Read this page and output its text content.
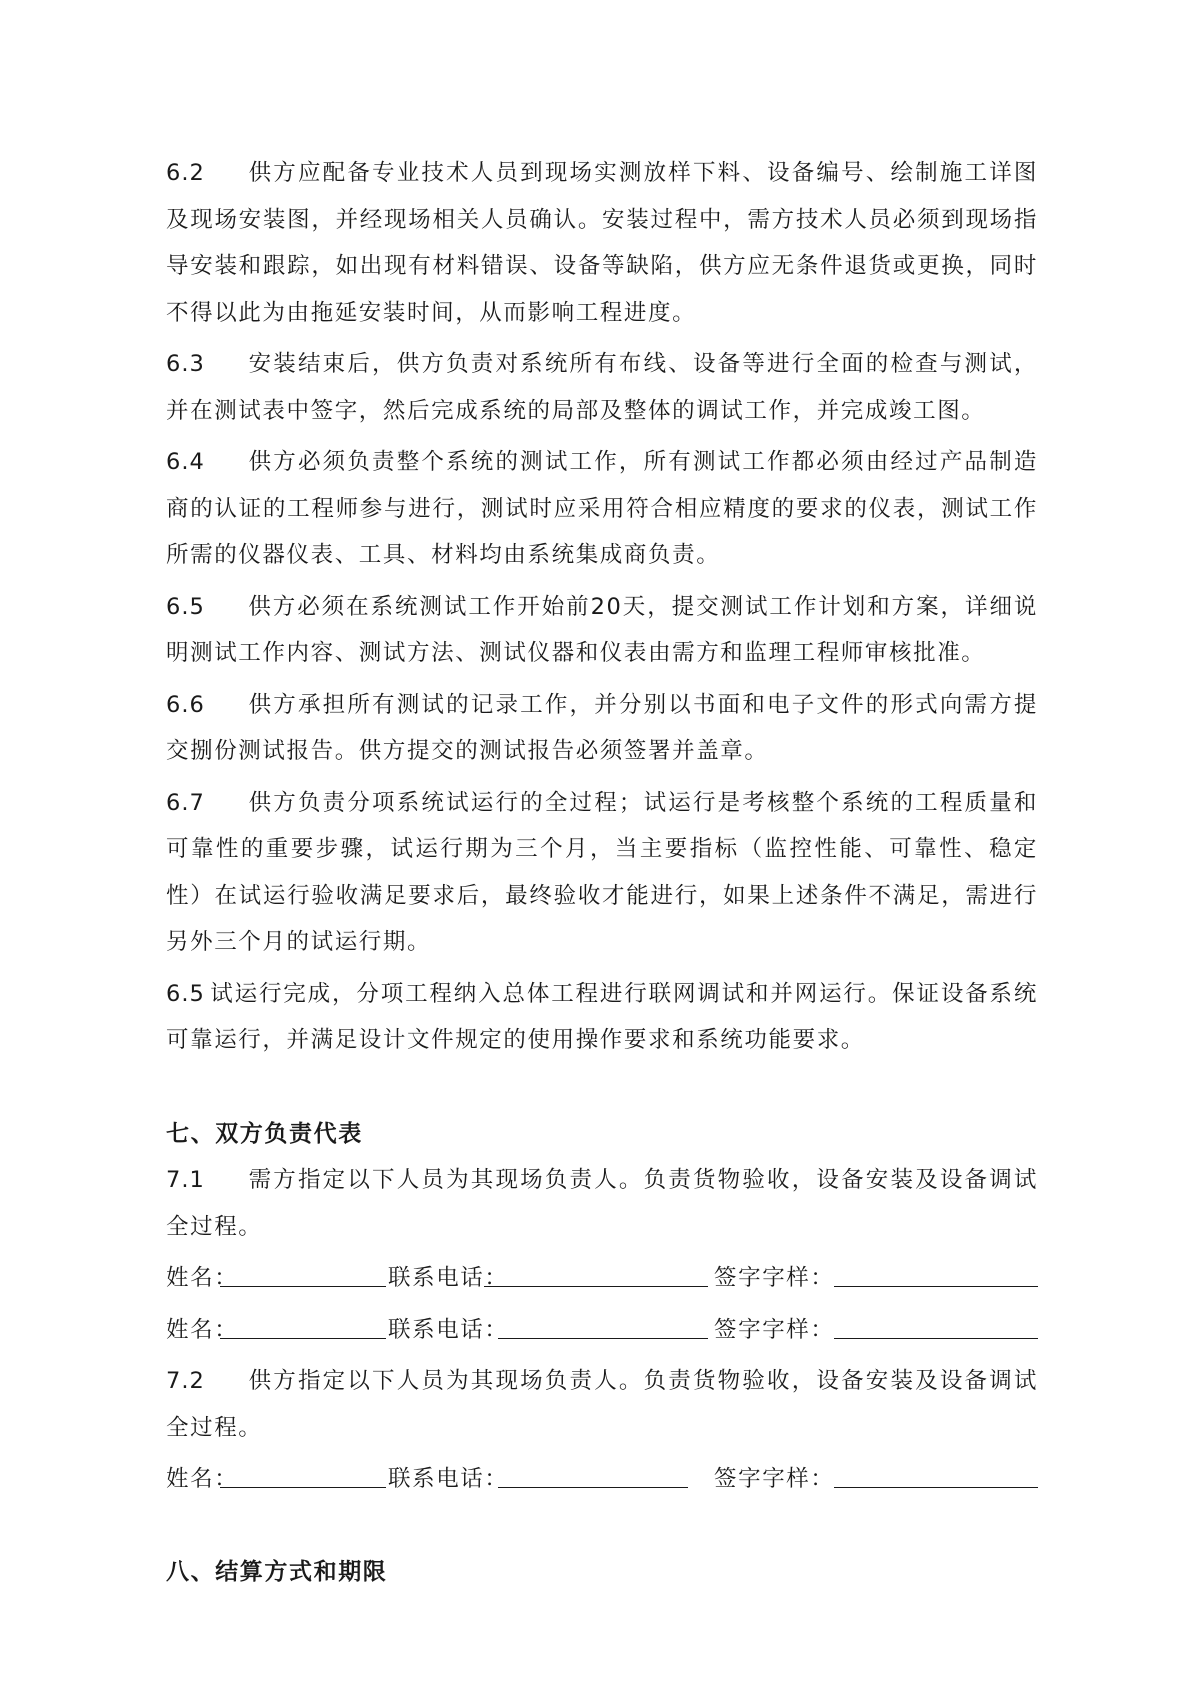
6.2 供方应配备专业技术人员到现场实测放样下料、设备编号、绘制施工详图及现场安装图，并经现场相关人员确认。安装过程中，需方技术人员必须到现场指导安装和跟踪，如出现有材料错误、设备等缺陷，供方应无条件退货或更换，同时不得以此为由拖延安装时间，从而影响工程进度。

6.3 安装结束后，供方负责对系统所有布线、设备等进行全面的检查与测试，并在测试表中签字，然后完成系统的局部及整体的调试工作，并完成竣工图。

6.4 供方必须负责整个系统的测试工作，所有测试工作都必须由经过产品制造商的认证的工程师参与进行，测试时应采用符合相应精度的要求的仪表，测试工作所需的仪器仪表、工具、材料均由系统集成商负责。

6.5 供方必须在系统测试工作开始前20天，提交测试工作计划和方案，详细说明测试工作内容、测试方法、测试仪器和仪表由需方和监理工程师审核批准。

6.6 供方承担所有测试的记录工作，并分别以书面和电子文件的形式向需方提交捌份测试报告。供方提交的测试报告必须签署并盖章。

6.7 供方负责分项系统试运行的全过程；试运行是考核整个系统的工程质量和可靠性的重要步骤，试运行期为三个月，当主要指标（监控性能、可靠性、稳定性）在试运行验收满足要求后，最终验收才能进行，如果上述条件不满足，需进行另外三个月的试运行期。

6.5 试运行完成，分项工程纳入总体工程进行联网调试和并网运行。保证设备系统可靠运行，并满足设计文件规定的使用操作要求和系统功能要求。

七、双方负责代表

7.1 需方指定以下人员为其现场负责人。负责货物验收，设备安装及设备调试全过程。

姓名：	联系电话：	签字字样：
姓名：	联系电话：	签字字样：

7.2 供方指定以下人员为其现场负责人。负责货物验收，设备安装及设备调试全过程。

姓名：	联系电话：	签字字样：

八、结算方式和期限
